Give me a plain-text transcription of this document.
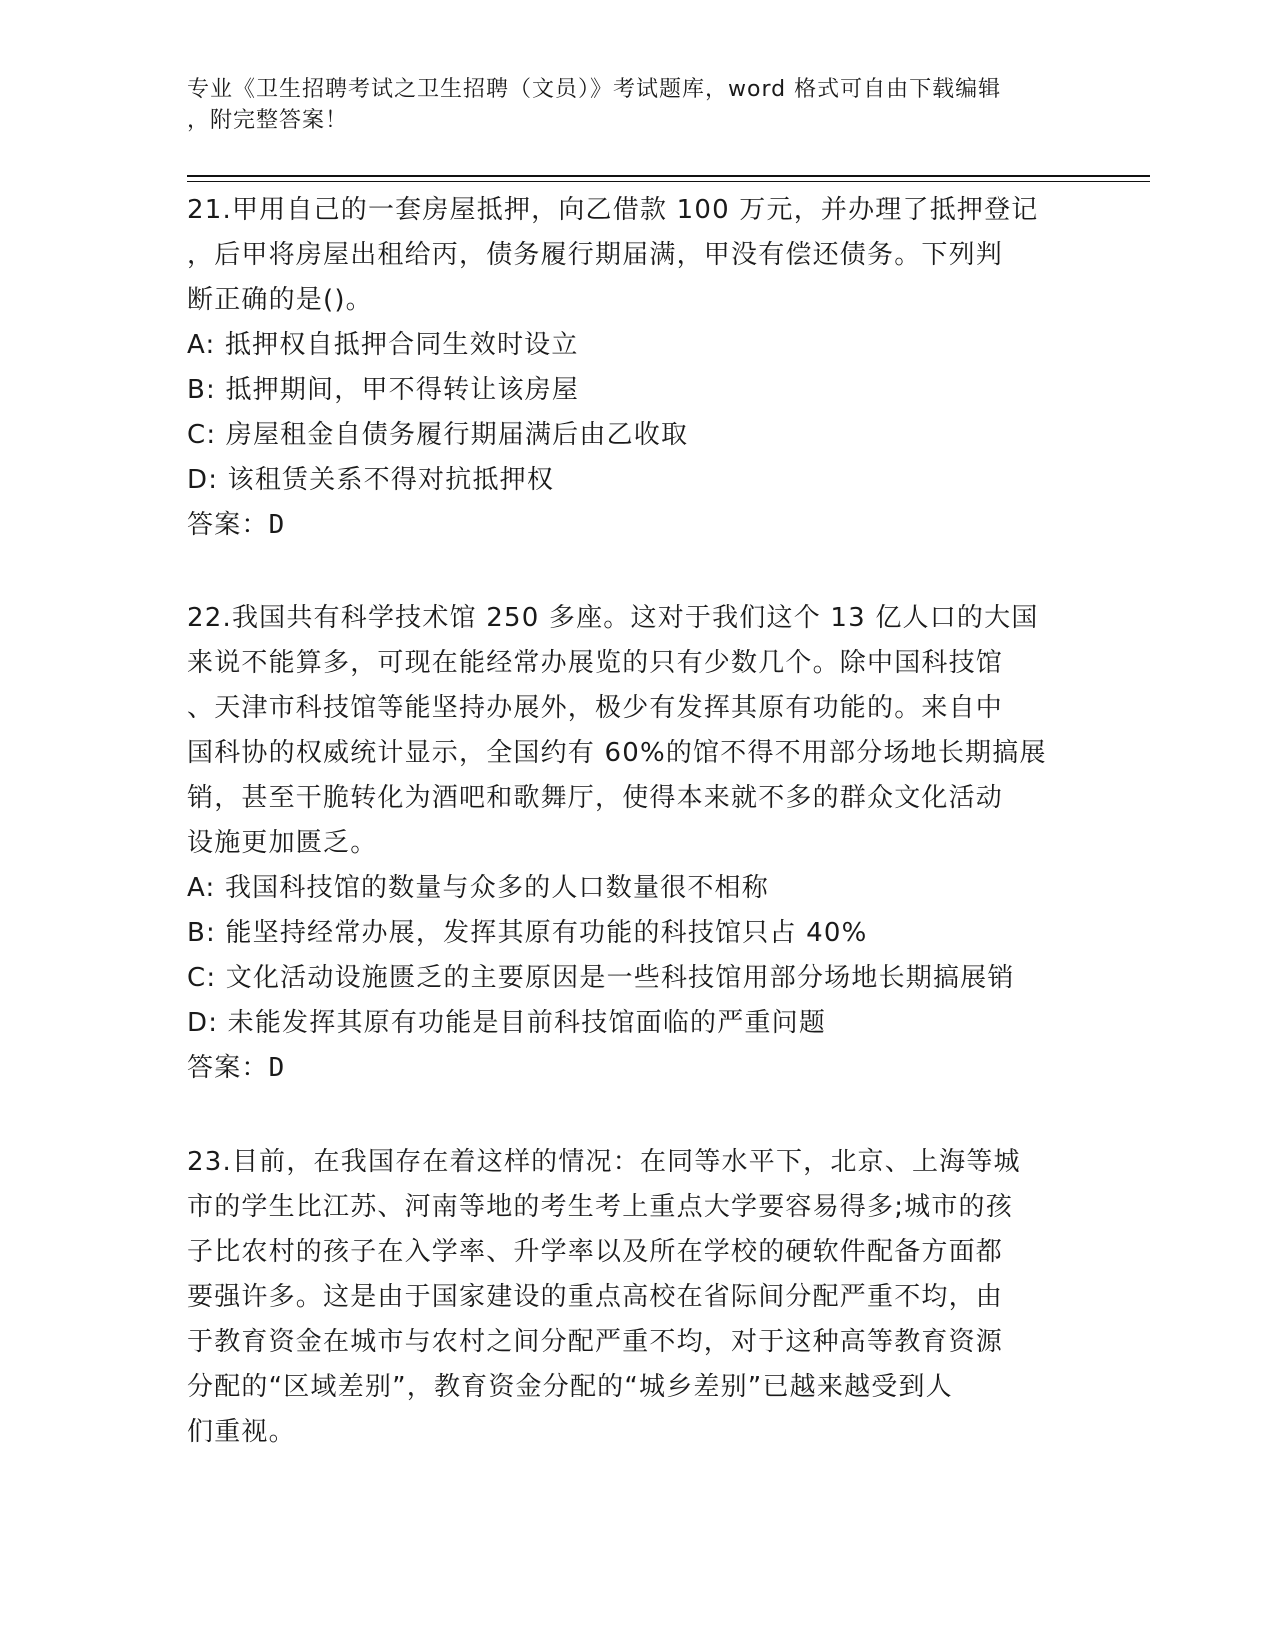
专业《卫生招聘考试之卫生招聘（文员）》考试题库，word 格式可自由下载编辑
，附完整答案！
21.甲用自己的一套房屋抵押，向乙借款 100 万元，并办理了抵押登记
，后甲将房屋出租给丙，债务履行期届满，甲没有偿还债务。下列判
断正确的是()。
A: 抵押权自抵押合同生效时设立
B: 抵押期间，甲不得转让该房屋
C: 房屋租金自债务履行期届满后由乙收取
D: 该租赁关系不得对抗抵押权
答案：D
22.我国共有科学技术馆 250 多座。这对于我们这个 13 亿人口的大国
来说不能算多，可现在能经常办展览的只有少数几个。除中国科技馆
、天津市科技馆等能坚持办展外，极少有发挥其原有功能的。来自中
国科协的权威统计显示，全国约有 60%的馆不得不用部分场地长期搞展
销，甚至干脆转化为酒吧和歌舞厅，使得本来就不多的群众文化活动
设施更加匮乏。
A: 我国科技馆的数量与众多的人口数量很不相称
B: 能坚持经常办展，发挥其原有功能的科技馆只占 40%
C: 文化活动设施匮乏的主要原因是一些科技馆用部分场地长期搞展销
D: 未能发挥其原有功能是目前科技馆面临的严重问题
答案：D
23.目前，在我国存在着这样的情况：在同等水平下，北京、上海等城
市的学生比江苏、河南等地的考生考上重点大学要容易得多;城市的孩
子比农村的孩子在入学率、升学率以及所在学校的硬软件配备方面都
要强许多。这是由于国家建设的重点高校在省际间分配严重不均，由
于教育资金在城市与农村之间分配严重不均，对于这种高等教育资源
分配的“区域差别”，教育资金分配的“城乡差别”已越来越受到人
们重视。
